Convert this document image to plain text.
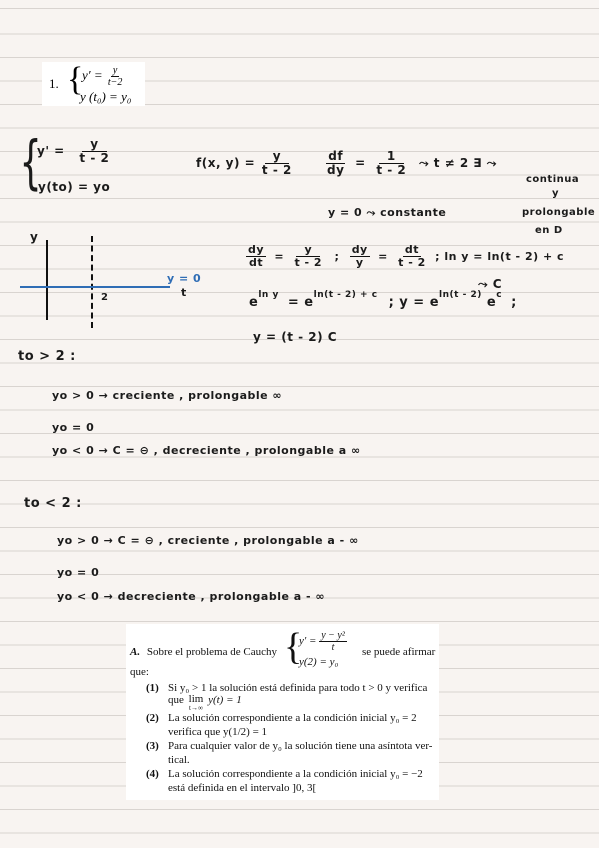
1. {
$y' = \frac{y}{t-2}$
y (t₀) = y₀
{
$y' = \frac{y}{t - 2}$
y(to) = yo
f(x, $y) = \frac{y}{t - 2}$	$\frac{df}{dy} = \frac{1}{t - 2}$ ⤳ t ≠ 2 ∃ ⤳
continua
y
prolongable
en D
y = 0 ⤳ constante
y
y = 0
t
2
$\frac{dy}{dt} = \frac{y}{t - 2}$ ; $\frac{dy}{y} = \frac{dt}{t - 2}$ ; ln y = ln(t - 2) + c
$e^{ln y} = e^{ln(t - 2) + c}$ ; $y = e^{ln(t - 2)}$ $e^c$ ;
⤳ C
y = (t - 2) C
to > 2 :
yo > 0 → creciente , prolongable ∞
yo = 0
yo < 0 → C = ⊖ , decreciente , prolongable a ∞
to < 2 :
yo > 0 → C = ⊖ , creciente , prolongable a - ∞
yo = 0
yo < 0 → decreciente , prolongable a - ∞
A. Sobre el problema de Cauchy {
$y' = \frac{\text{y − y²}}{t}$
y(2) = y₀
se puede afirmar
que:
(1) Si y₀ > 1 la solución está definida para todo t > 0 y verifica
que lim
t→∞
y(t) = 1
(2) La solución correspondiente a la condición inicial y₀ = 2
verifica que y(1/2) = 1
(3) Para cualquier valor de y₀ la solución tiene una asíntota ver-
tical.
(4) La solución correspondiente a la condición inicial y₀ = −2
está definida en el intervalo ]0, 3[
